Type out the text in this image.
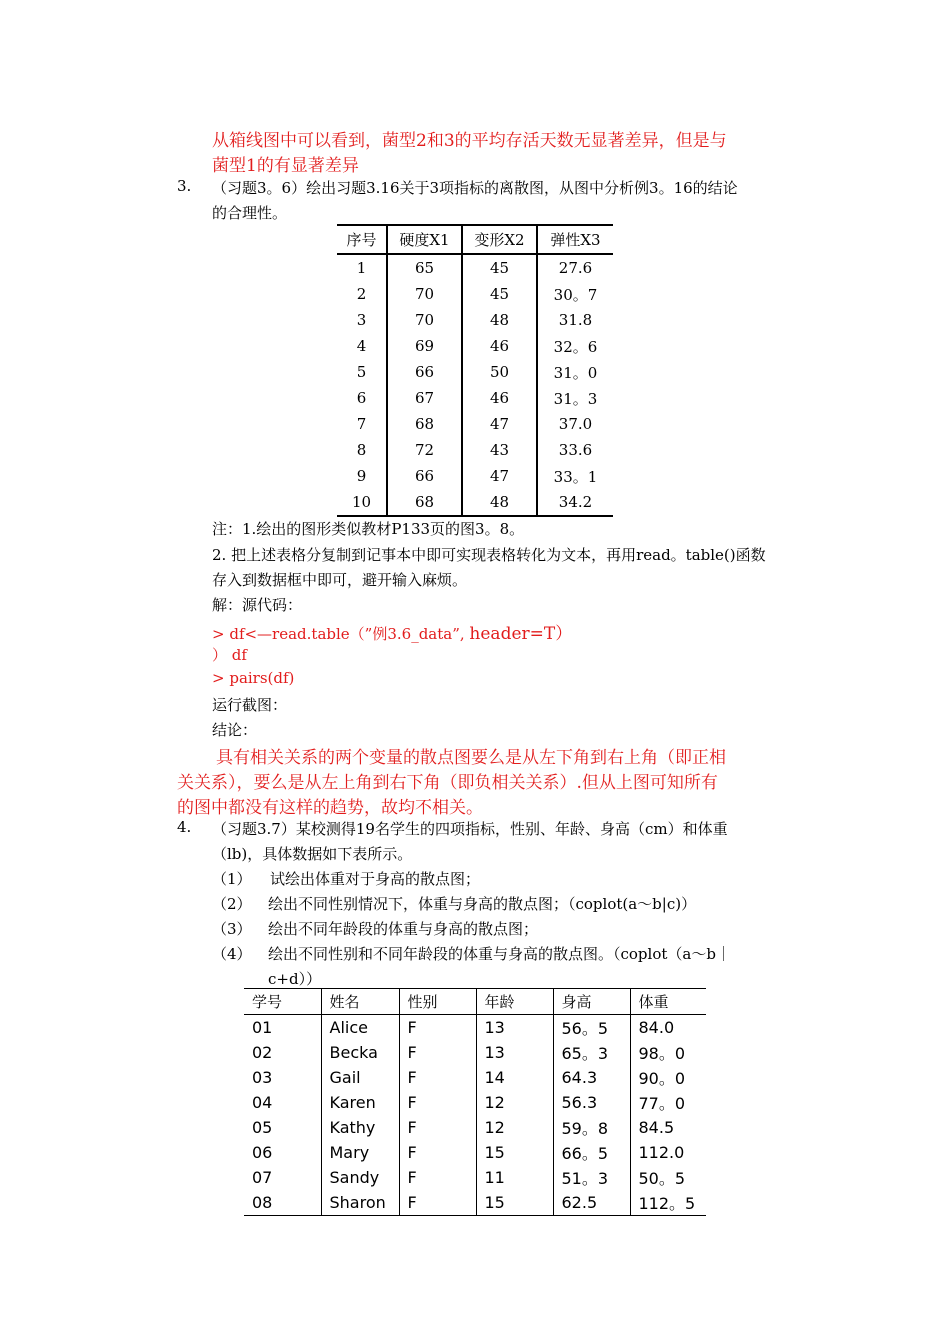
从箱线图中可以看到，菌型2和3的平均存活天数无显著差异，但是与
菌型1的有显著差异
3. （习题3。6）绘出习题3.16关于3项指标的离散图，从图中分析例3。16的结论
的合理性。
序号	硬度X1	变形X2	弹性X3
1	65	45	27.6
2	70	45	30。7
3	70	48	31.8
4	69	46	32。6
5	66	50	31。0
6	67	46	31。3
7	68	47	37.0
8	72	43	33.6
9	66	47	33。1
10	68	48	34.2
注：1.绘出的图形类似教材P133页的图3。8。
2. 把上述表格分复制到记事本中即可实现表格转化为文本，再用read。table()函数
存入到数据框中即可，避开输入麻烦。
解：源代码：
> df<—read.table（”例3.6_data”, header=T）
） df
> pairs(df)
运行截图：
结论：
具有相关关系的两个变量的散点图要么是从左下角到右上角（即正相
关关系），要么是从左上角到右下角（即负相关关系）.但从上图可知所有
的图中都没有这样的趋势，故均不相关。
4. （习题3.7）某校测得19名学生的四项指标，性别、年龄、身高（cm）和体重
（lb)，具体数据如下表所示。
（1） 试绘出体重对于身高的散点图；
（2） 绘出不同性别情况下，体重与身高的散点图；（coplot(a～b|c)）
（3） 绘出不同年龄段的体重与身高的散点图；
（4） 绘出不同性别和不同年龄段的体重与身高的散点图。（coplot（a～b｜
c+d））
学号	姓名	性别	年龄	身高	体重
01	Alice	F	13	56。5	84.0
02	Becka	F	13	65。3	98。0
03	Gail	F	14	64.3	90。0
04	Karen	F	12	56.3	77。0
05	Kathy	F	12	59。8	84.5
06	Mary	F	15	66。5	112.0
07	Sandy	F	11	51。3	50。5
08	Sharon	F	15	62.5	112。5
